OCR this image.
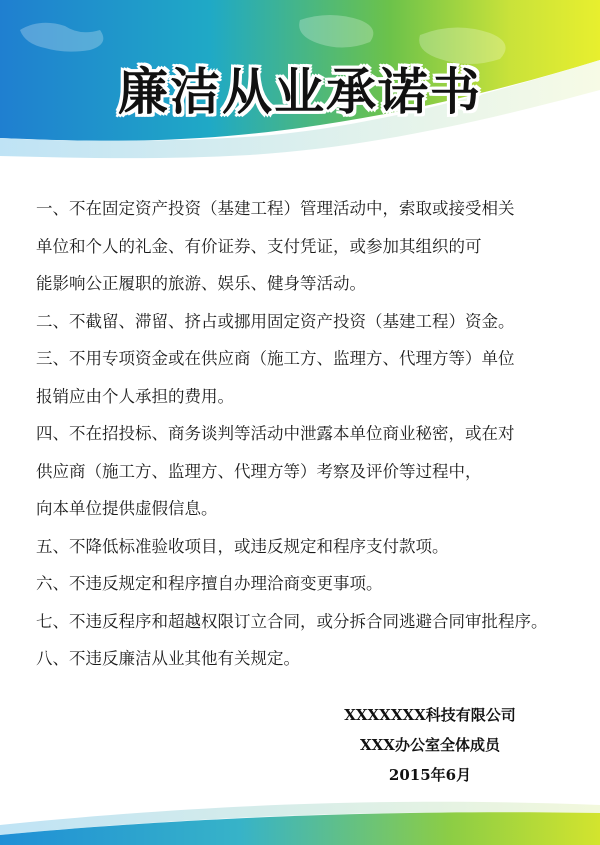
廉洁从业承诺书
一、不在固定资产投资（基建工程）管理活动中，索取或接受相关
单位和个人的礼金、有价证券、支付凭证，或参加其组织的可
能影响公正履职的旅游、娱乐、健身等活动。
二、不截留、滞留、挤占或挪用固定资产投资（基建工程）资金。
三、不用专项资金或在供应商（施工方、监理方、代理方等）单位
报销应由个人承担的费用。
四、不在招投标、商务谈判等活动中泄露本单位商业秘密，或在对
供应商（施工方、监理方、代理方等）考察及评价等过程中，
向本单位提供虚假信息。
五、不降低标准验收项目，或违反规定和程序支付款项。
六、不违反规定和程序擅自办理洽商变更事项。
七、不违反程序和超越权限订立合同，或分拆合同逃避合同审批程序。
八、不违反廉洁从业其他有关规定。
XXXXXXX科技有限公司
XXX办公室全体成员
2015年6月
